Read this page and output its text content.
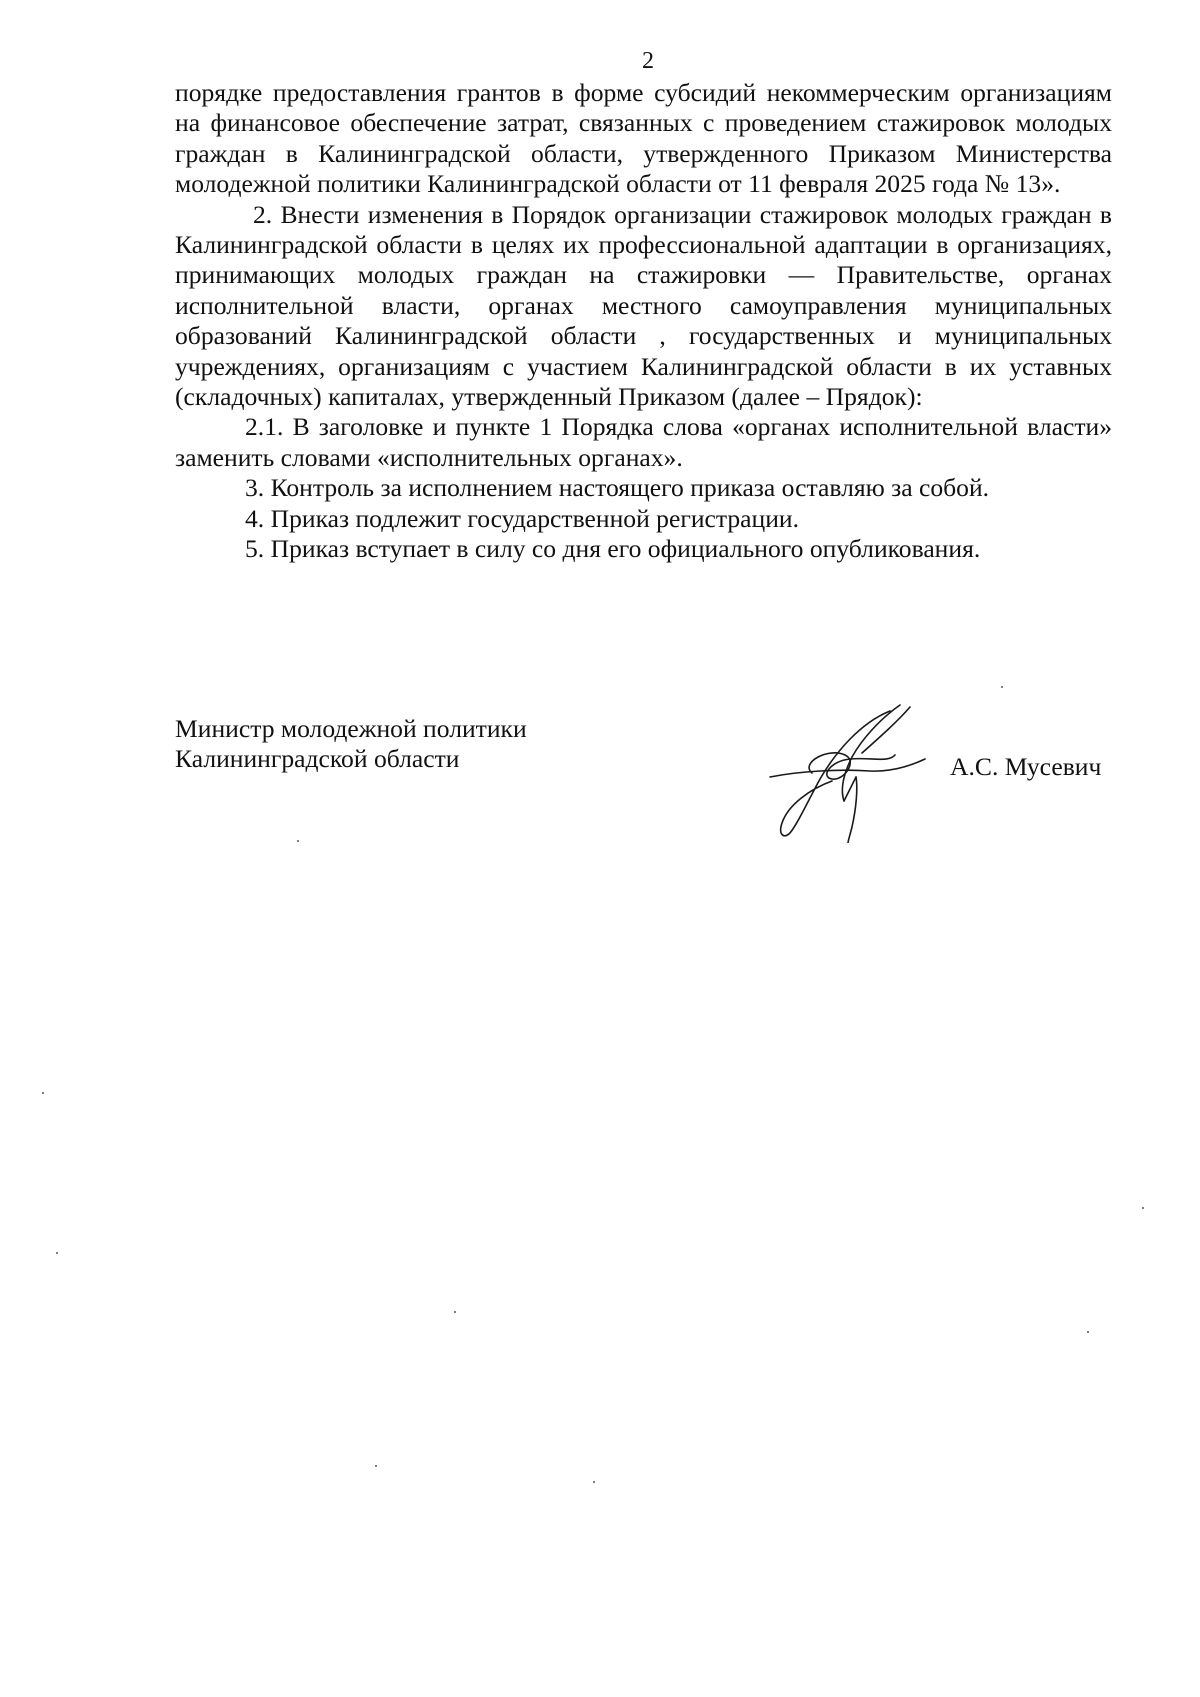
2

порядке предоставления грантов в форме субсидий некоммерческим организациям на финансовое обеспечение затрат, связанных с проведением стажировок молодых граждан в Калининградской области, утвержденного Приказом Министерства молодежной политики Калининградской области от 11 февраля 2025 года № 13».

2. Внести изменения в Порядок организации стажировок молодых граждан в Калининградской области в целях их профессиональной адаптации в организациях, принимающих молодых граждан на стажировки — Правительстве, органах исполнительной власти, органах местного самоуправления муниципальных образований Калининградской области , государственных и муниципальных учреждениях, организациям с участием Калининградской области в их уставных (складочных) капиталах, утвержденный Приказом (далее – Прядок):

2.1. В заголовке и пункте 1 Порядка слова «органах исполнительной власти» заменить словами «исполнительных органах».

3. Контроль за исполнением настоящего приказа оставляю за собой.

4. Приказ подлежит государственной регистрации.

5. Приказ вступает в силу со дня его официального опубликования.

Министр молодежной политики
Калининградской области	А.С. Мусевич
